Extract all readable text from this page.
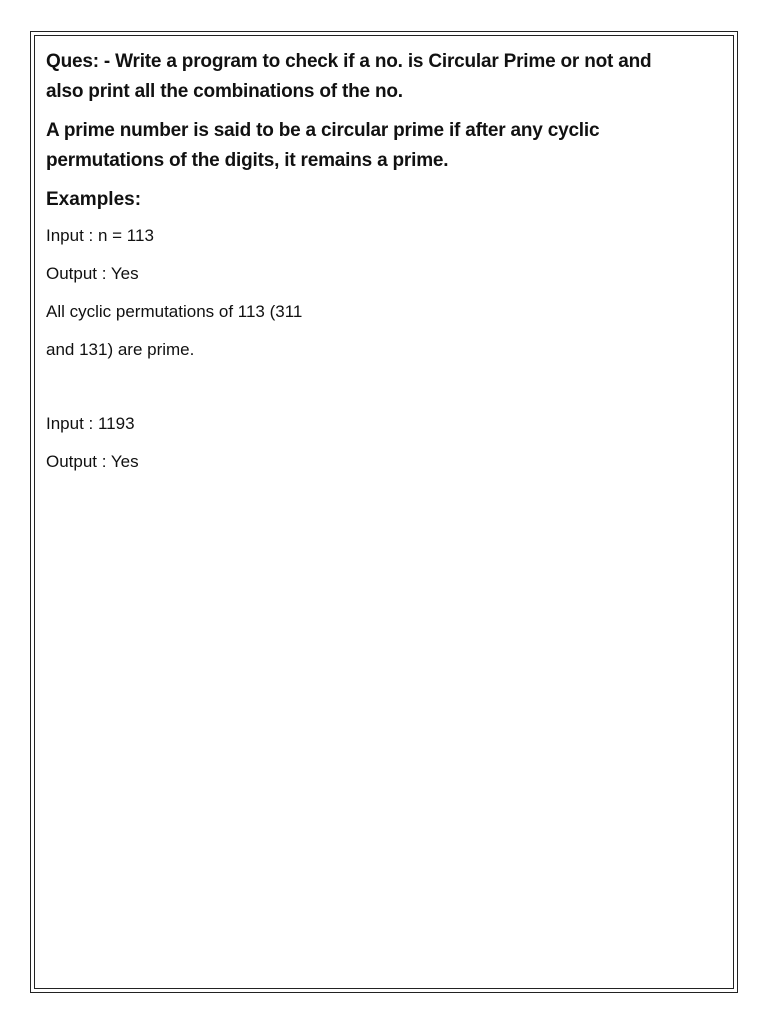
Ques: - Write a program to check if a no. is Circular Prime or not and
also print all the combinations of the no.
A prime number is said to be a circular prime if after any cyclic
permutations of the digits, it remains a prime.
Examples:
Input : n = 113
Output : Yes
All cyclic permutations of 113 (311
and 131) are prime.
Input : 1193
Output : Yes
